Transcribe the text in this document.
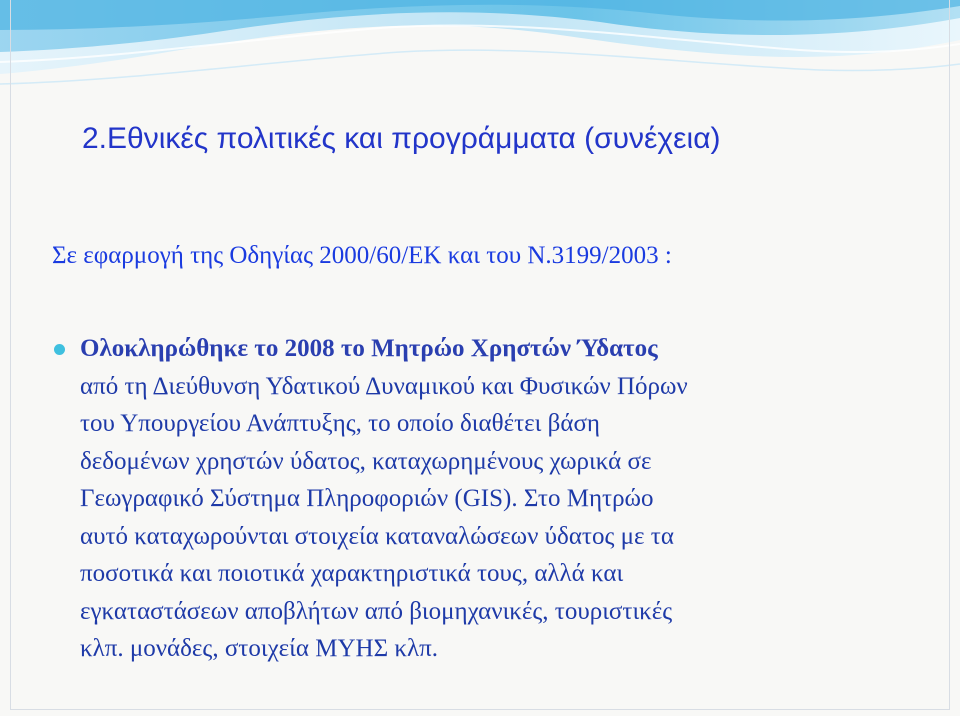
2.Εθνικές πολιτικές και προγράμματα (συνέχεια)
Σε εφαρμογή της Οδηγίας 2000/60/ΕΚ και του Ν.3199/2003 :
Ολοκληρώθηκε το 2008 το Μητρώο Χρηστών Ύδατος
από τη Διεύθυνση Υδατικού Δυναμικού και Φυσικών Πόρων
του Υπουργείου Ανάπτυξης, το οποίο διαθέτει βάση
δεδομένων χρηστών ύδατος, καταχωρημένους χωρικά σε
Γεωγραφικό Σύστημα Πληροφοριών (GIS). Στο Μητρώο
αυτό καταχωρούνται στοιχεία καταναλώσεων ύδατος με τα
ποσοτικά και ποιοτικά χαρακτηριστικά τους, αλλά και
εγκαταστάσεων αποβλήτων από βιομηχανικές, τουριστικές
κλπ. μονάδες, στοιχεία ΜΥΗΣ κλπ.
